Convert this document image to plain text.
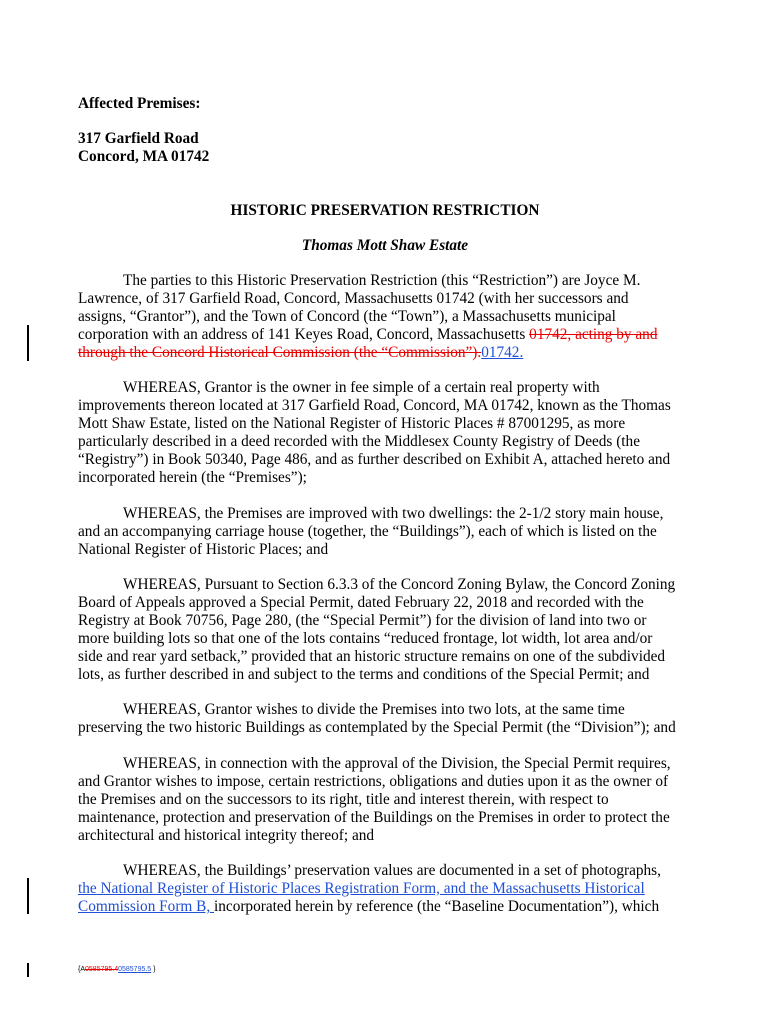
Affected Premises:
317 Garfield Road
Concord, MA 01742
HISTORIC PRESERVATION RESTRICTION
Thomas Mott Shaw Estate
The parties to this Historic Preservation Restriction (this “Restriction”) are Joyce M. Lawrence, of 317 Garfield Road, Concord, Massachusetts 01742 (with her successors and assigns, “Grantor”), and the Town of Concord (the “Town”), a Massachusetts municipal corporation with an address of 141 Keyes Road, Concord, Massachusetts 01742, acting by and through the Concord Historical Commission (the “Commission”).01742.
WHEREAS, Grantor is the owner in fee simple of a certain real property with improvements thereon located at 317 Garfield Road, Concord, MA 01742, known as the Thomas Mott Shaw Estate, listed on the National Register of Historic Places # 87001295, as more particularly described in a deed recorded with the Middlesex County Registry of Deeds (the “Registry”) in Book 50340, Page 486, and as further described on Exhibit A, attached hereto and incorporated herein (the “Premises”);
WHEREAS, the Premises are improved with two dwellings: the 2-1/2 story main house, and an accompanying carriage house (together, the “Buildings”), each of which is listed on the National Register of Historic Places; and
WHEREAS, Pursuant to Section 6.3.3 of the Concord Zoning Bylaw, the Concord Zoning Board of Appeals approved a Special Permit, dated February 22, 2018 and recorded with the Registry at Book 70756, Page 280, (the “Special Permit”) for the division of land into two or more building lots so that one of the lots contains “reduced frontage, lot width, lot area and/or side and rear yard setback,” provided that an historic structure remains on one of the subdivided lots, as further described in and subject to the terms and conditions of the Special Permit; and
WHEREAS, Grantor wishes to divide the Premises into two lots, at the same time preserving the two historic Buildings as contemplated by the Special Permit (the “Division”); and
WHEREAS, in connection with the approval of the Division, the Special Permit requires, and Grantor wishes to impose, certain restrictions, obligations and duties upon it as the owner of the Premises and on the successors to its right, title and interest therein, with respect to maintenance, protection and preservation of the Buildings on the Premises in order to protect the architectural and historical integrity thereof; and
WHEREAS, the Buildings’ preservation values are documented in a set of photographs, the National Register of Historic Places Registration Form, and the Massachusetts Historical Commission Form B, incorporated herein by reference (the “Baseline Documentation”), which
{A0585795.40585795.5 }
